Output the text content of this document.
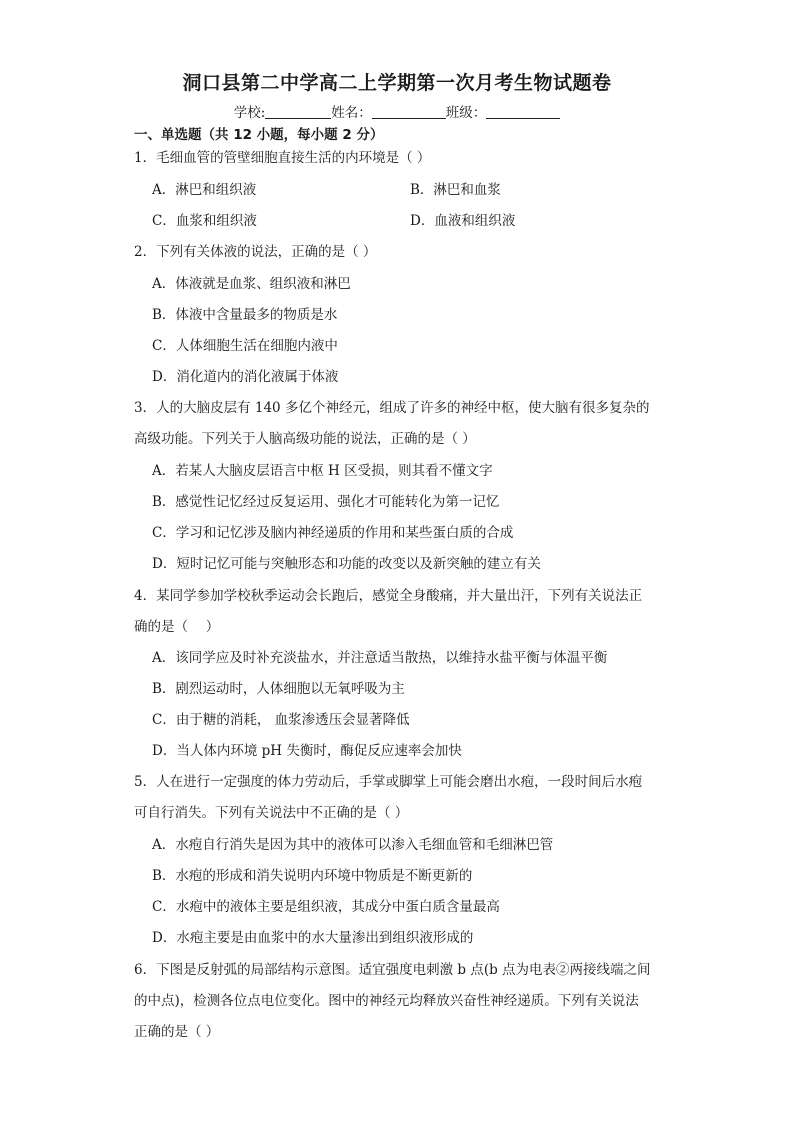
洞口县第二中学高二上学期第一次月考生物试题卷
学校:	姓名：	班级：
一、单选题（共 12 小题，每小题 2 分）
1．毛细血管的管壁细胞直接生活的内环境是（ ）
A．淋巴和组织液	B．淋巴和血浆
C．血浆和组织液	D．血液和组织液
2．下列有关体液的说法，正确的是（ ）
A．体液就是血浆、组织液和淋巴
B．体液中含量最多的物质是水
C．人体细胞生活在细胞内液中
D．消化道内的消化液属于体液
3．人的大脑皮层有 140 多亿个神经元，组成了许多的神经中枢，使大脑有很多复杂的
高级功能。下列关于人脑高级功能的说法，正确的是（ ）
A．若某人大脑皮层语言中枢 H 区受损，则其看不懂文字
B．感觉性记忆经过反复运用、强化才可能转化为第一记忆
C．学习和记忆涉及脑内神经递质的作用和某些蛋白质的合成
D．短时记忆可能与突触形态和功能的改变以及新突触的建立有关
4．某同学参加学校秋季运动会长跑后，感觉全身酸痛，并大量出汗，下列有关说法正
确的是（　 ）
A．该同学应及时补充淡盐水，并注意适当散热，以维持水盐平衡与体温平衡
B．剧烈运动时，人体细胞以无氧呼吸为主
C．由于糖的消耗， 血浆渗透压会显著降低
D．当人体内环境 pH 失衡时，酶促反应速率会加快
5．人在进行一定强度的体力劳动后，手掌或脚掌上可能会磨出水疱，一段时间后水疱
可自行消失。下列有关说法中不正确的是（ ）
A．水疱自行消失是因为其中的液体可以渗入毛细血管和毛细淋巴管
B．水疱的形成和消失说明内环境中物质是不断更新的
C．水疱中的液体主要是组织液，其成分中蛋白质含量最高
D．水疱主要是由血浆中的水大量渗出到组织液形成的
6．下图是反射弧的局部结构示意图。适宜强度电刺激 b 点(b 点为电表②两接线端之间
的中点)，检测各位点电位变化。图中的神经元均释放兴奋性神经递质。下列有关说法
正确的是（ ）
